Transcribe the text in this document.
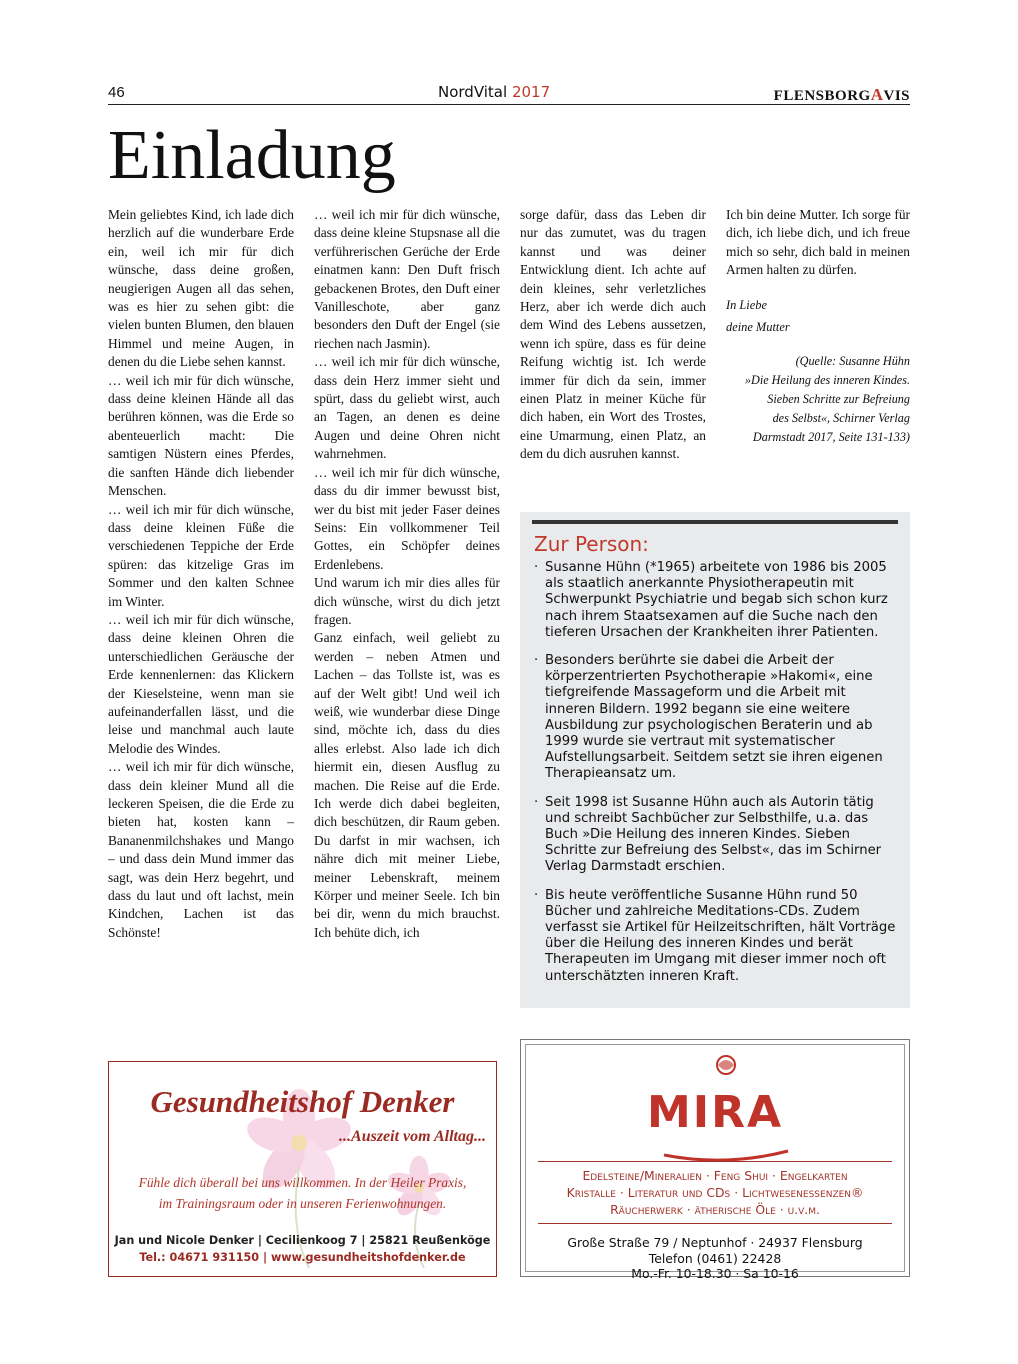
46	NordVital 2017	FLENSBORGAVIS
Einladung

Mein geliebtes Kind, ich lade dich herzlich auf die wunderbare Erde ein, weil ich mir für dich wünsche, dass deine großen, neugierigen Augen all das sehen, was es hier zu sehen gibt: die vielen bunten Blumen, den blauen Himmel und meine Augen, in denen du die Liebe sehen kannst.

… weil ich mir für dich wünsche, dass deine kleinen Hände all das berühren können, was die Erde so abenteuerlich macht: Die samtigen Nüstern eines Pferdes, die sanften Hände dich liebender Menschen.

… weil ich mir für dich wünsche, dass deine kleinen Füße die verschiedenen Teppiche der Erde spüren: das kitzelige Gras im Sommer und den kalten Schnee im Winter.

… weil ich mir für dich wünsche, dass deine kleinen Ohren die unterschiedlichen Geräusche der Erde kennenlernen: das Klickern der Kieselsteine, wenn man sie aufeinanderfallen lässt, und die leise und manchmal auch laute Melodie des Windes.

… weil ich mir für dich wünsche, dass dein kleiner Mund all die leckeren Speisen, die die Erde zu bieten hat, kosten kann – Bananenmilchshakes und Mango – und dass dein Mund immer das sagt, was dein Herz begehrt, und dass du laut und oft lachst, mein Kindchen, Lachen ist das Schönste!

… weil ich mir für dich wünsche, dass deine kleine Stupsnase all die verführerischen Gerüche der Erde einatmen kann: Den Duft frisch gebackenen Brotes, den Duft einer Vanilleschote, aber ganz besonders den Duft der Engel (sie riechen nach Jasmin).

… weil ich mir für dich wünsche, dass dein Herz immer sieht und spürt, dass du geliebt wirst, auch an Tagen, an denen es deine Augen und deine Ohren nicht wahrnehmen.

… weil ich mir für dich wünsche, dass du dir immer bewusst bist, wer du bist mit jeder Faser deines Seins: Ein vollkommener Teil Gottes, ein Schöpfer deines Erdenlebens.

Und warum ich mir dies alles für dich wünsche, wirst du dich jetzt fragen.

Ganz einfach, weil geliebt zu werden – neben Atmen und Lachen – das Tollste ist, was es auf der Welt gibt! Und weil ich weiß, wie wunderbar diese Dinge sind, möchte ich, dass du dies alles erlebst. Also lade ich dich hiermit ein, diesen Ausflug zu machen. Die Reise auf die Erde. Ich werde dich dabei begleiten, dich beschützen, dir Raum geben. Du darfst in mir wachsen, ich nähre dich mit meiner Liebe, meiner Lebenskraft, meinem Körper und meiner Seele. Ich bin bei dir, wenn du mich brauchst. Ich behüte dich, ich

sorge dafür, dass das Leben dir nur das zumutet, was du tragen kannst und was deiner Entwicklung dient. Ich achte auf dein kleines, sehr verletzliches Herz, aber ich werde dich auch dem Wind des Lebens aussetzen, wenn ich spüre, dass es für deine Reifung wichtig ist. Ich werde immer für dich da sein, immer einen Platz in meiner Küche für dich haben, ein Wort des Trostes, eine Umarmung, einen Platz, an dem du dich ausruhen kannst.

Ich bin deine Mutter. Ich sorge für dich, ich liebe dich, und ich freue mich so sehr, dich bald in meinen Armen halten zu dürfen.

In Liebe
deine Mutter

(Quelle: Susanne Hühn
»Die Heilung des inneren Kindes.
Sieben Schritte zur Befreiung
des Selbst«, Schirner Verlag
Darmstadt 2017, Seite 131-133)

Zur Person:
· Susanne Hühn (*1965) arbeitete von 1986 bis 2005 als staatlich anerkannte Physiotherapeutin mit Schwerpunkt Psychiatrie und begab sich schon kurz nach ihrem Staatsexamen auf die Suche nach den tieferen Ursachen der Krankheiten ihrer Patienten.
· Besonders berührte sie dabei die Arbeit der körperzentrierten Psychotherapie »Hakomi«, eine tiefgreifende Massageform und die Arbeit mit inneren Bildern. 1992 begann sie eine weitere Ausbildung zur psychologischen Beraterin und ab 1999 wurde sie vertraut mit systematischer Aufstellungsarbeit. Seitdem setzt sie ihren eigenen Therapieansatz um.
· Seit 1998 ist Susanne Hühn auch als Autorin tätig und schreibt Sachbücher zur Selbsthilfe, u.a. das Buch »Die Heilung des inneren Kindes. Sieben Schritte zur Befreiung des Selbst«, das im Schirner Verlag Darmstadt erschien.
· Bis heute veröffentliche Susanne Hühn rund 50 Bücher und zahlreiche Meditations-CDs. Zudem verfasst sie Artikel für Heilzeitschriften, hält Vorträge über die Heilung des inneren Kindes und berät Therapeuten im Umgang mit dieser immer noch oft unterschätzten inneren Kraft.
Gesundheitshof Denker
...Auszeit vom Alltag...
Fühle dich überall bei uns willkommen. In der Heiler Praxis,
im Trainingsraum oder in unseren Ferienwohnungen.
Jan und Nicole Denker | Cecilienkoog 7 | 25821 Reußenköge
Tel.: 04671 931150 | www.gesundheitshofdenker.de
MIRA
Edelsteine/Mineralien · Feng Shui · Engelkarten
Kristalle · Literatur und CDs · Lichtwesenessenzen®
Räucherwerk · ätherische Öle · u.v.m.
Große Straße 79 / Neptunhof · 24937 Flensburg
Telefon (0461) 22428
Mo.-Fr. 10-18.30 · Sa 10-16
